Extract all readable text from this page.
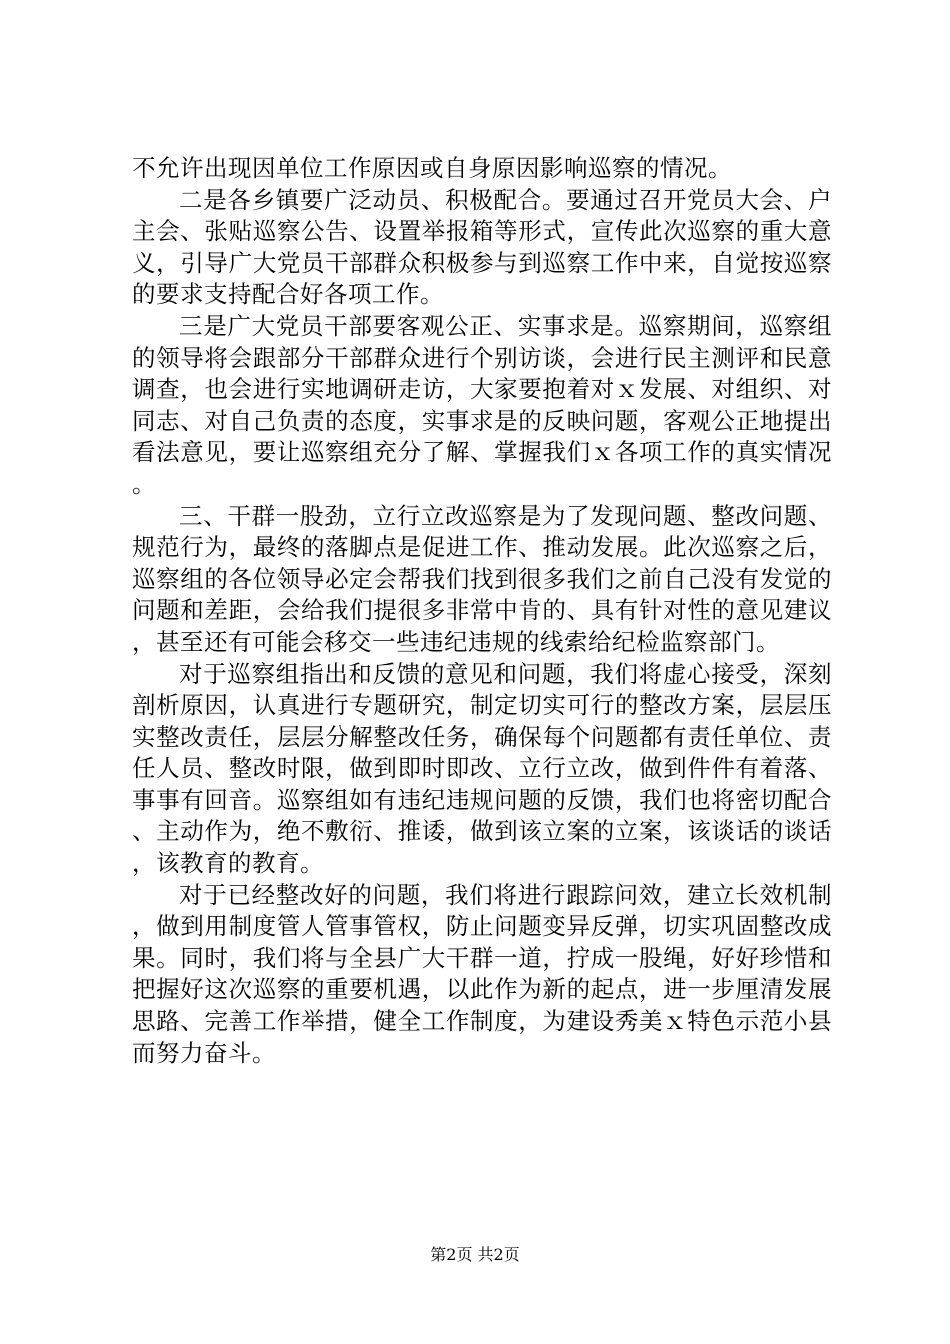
不允许出现因单位工作原因或自身原因影响巡察的情况。

二是各乡镇要广泛动员、积极配合。要通过召开党员大会、户主会、张贴巡察公告、设置举报箱等形式，宣传此次巡察的重大意义，引导广大党员干部群众积极参与到巡察工作中来，自觉按巡察的要求支持配合好各项工作。

三是广大党员干部要客观公正、实事求是。巡察期间，巡察组的领导将会跟部分干部群众进行个别访谈，会进行民主测评和民意调查，也会进行实地调研走访，大家要抱着对ｘ发展、对组织、对同志、对自己负责的态度，实事求是的反映问题，客观公正地提出看法意见，要让巡察组充分了解、掌握我们ｘ各项工作的真实情况。

三、干群一股劲，立行立改巡察是为了发现问题、整改问题、规范行为，最终的落脚点是促进工作、推动发展。此次巡察之后，巡察组的各位领导必定会帮我们找到很多我们之前自己没有发觉的问题和差距，会给我们提很多非常中肯的、具有针对性的意见建议，甚至还有可能会移交一些违纪违规的线索给纪检监察部门。

对于巡察组指出和反馈的意见和问题，我们将虚心接受，深刻剖析原因，认真进行专题研究，制定切实可行的整改方案，层层压实整改责任，层层分解整改任务，确保每个问题都有责任单位、责任人员、整改时限，做到即时即改、立行立改，做到件件有着落、事事有回音。巡察组如有违纪违规问题的反馈，我们也将密切配合、主动作为，绝不敷衍、推诿，做到该立案的立案，该谈话的谈话，该教育的教育。

对于已经整改好的问题，我们将进行跟踪问效，建立长效机制，做到用制度管人管事管权，防止问题变异反弹，切实巩固整改成果。同时，我们将与全县广大干群一道，拧成一股绳，好好珍惜和把握好这次巡察的重要机遇，以此作为新的起点，进一步厘清发展思路、完善工作举措，健全工作制度，为建设秀美ｘ特色示范小县而努力奋斗。

第2页 共2页
